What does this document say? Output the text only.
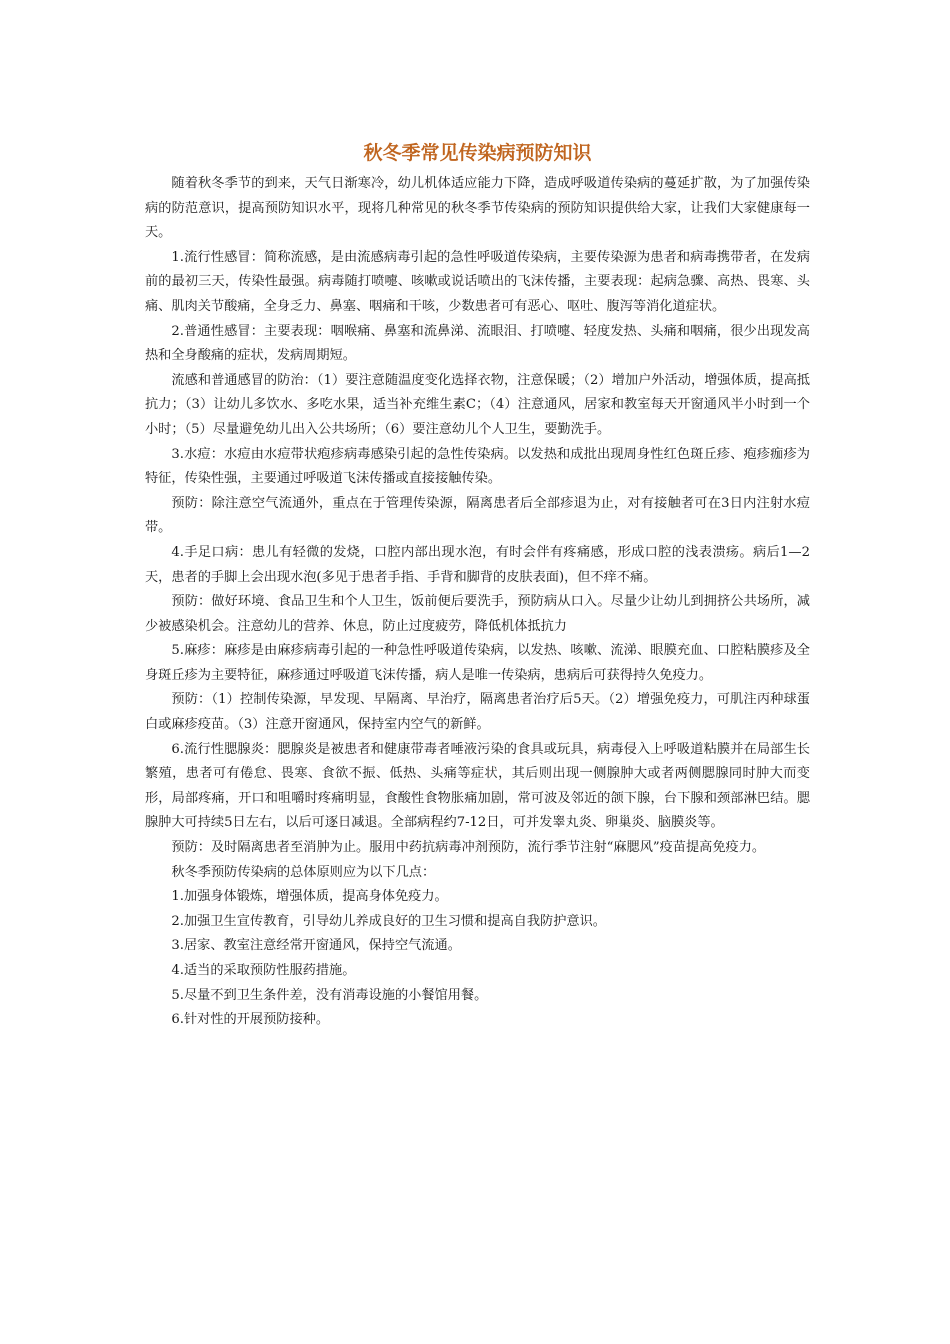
秋冬季常见传染病预防知识

随着秋冬季节的到来，天气日渐寒冷，幼儿机体适应能力下降，造成呼吸道传染病的蔓延扩散，为了加强传染病的防范意识，提高预防知识水平，现将几种常见的秋冬季节传染病的预防知识提供给大家，让我们大家健康每一天。

1.流行性感冒：简称流感，是由流感病毒引起的急性呼吸道传染病，主要传染源为患者和病毒携带者，在发病前的最初三天，传染性最强。病毒随打喷嚏、咳嗽或说话喷出的飞沫传播，主要表现：起病急骤、高热、畏寒、头痛、肌肉关节酸痛，全身乏力、鼻塞、咽痛和干咳，少数患者可有恶心、呕吐、腹泻等消化道症状。

2.普通性感冒：主要表现：咽喉痛、鼻塞和流鼻涕、流眼泪、打喷嚏、轻度发热、头痛和咽痛，很少出现发高热和全身酸痛的症状，发病周期短。

流感和普通感冒的防治：（1）要注意随温度变化选择衣物，注意保暖；（2）增加户外活动，增强体质，提高抵抗力；（3）让幼儿多饮水、多吃水果，适当补充维生素C；（4）注意通风，居家和教室每天开窗通风半小时到一个小时；（5）尽量避免幼儿出入公共场所；（6）要注意幼儿个人卫生，要勤洗手。

3.水痘：水痘由水痘带状疱疹病毒感染引起的急性传染病。以发热和成批出现周身性红色斑丘疹、疱疹痂疹为特征，传染性强，主要通过呼吸道飞沫传播或直接接触传染。

预防：除注意空气流通外，重点在于管理传染源，隔离患者后全部疹退为止，对有接触者可在3日内注射水痘带。

4.手足口病：患儿有轻微的发烧，口腔内部出现水泡，有时会伴有疼痛感，形成口腔的浅表溃疡。病后1—2天，患者的手脚上会出现水泡(多见于患者手指、手背和脚背的皮肤表面)，但不痒不痛。

预防：做好环境、食品卫生和个人卫生，饭前便后要洗手，预防病从口入。尽量少让幼儿到拥挤公共场所，减少被感染机会。注意幼儿的营养、休息，防止过度疲劳，降低机体抵抗力

5.麻疹：麻疹是由麻疹病毒引起的一种急性呼吸道传染病，以发热、咳嗽、流涕、眼膜充血、口腔粘膜疹及全身斑丘疹为主要特征，麻疹通过呼吸道飞沫传播，病人是唯一传染病，患病后可获得持久免疫力。

预防：（1）控制传染源，早发现、早隔离、早治疗，隔离患者治疗后5天。（2）增强免疫力，可肌注丙种球蛋白或麻疹疫苗。（3）注意开窗通风，保持室内空气的新鲜。

6.流行性腮腺炎：腮腺炎是被患者和健康带毒者唾液污染的食具或玩具，病毒侵入上呼吸道粘膜并在局部生长繁殖，患者可有倦怠、畏寒、食欲不振、低热、头痛等症状，其后则出现一侧腺肿大或者两侧腮腺同时肿大而变形，局部疼痛，开口和咀嚼时疼痛明显，食酸性食物胀痛加剧，常可波及邻近的颌下腺，台下腺和颈部淋巴结。腮腺肿大可持续5日左右，以后可逐日减退。全部病程约7-12日，可并发睾丸炎、卵巢炎、脑膜炎等。

预防：及时隔离患者至消肿为止。服用中药抗病毒冲剂预防，流行季节注射“麻腮风”疫苗提高免疫力。

秋冬季预防传染病的总体原则应为以下几点：

1.加强身体锻炼，增强体质，提高身体免疫力。

2.加强卫生宣传教育，引导幼儿养成良好的卫生习惯和提高自我防护意识。

3.居家、教室注意经常开窗通风，保持空气流通。

4.适当的采取预防性服药措施。

5.尽量不到卫生条件差，没有消毒设施的小餐馆用餐。

6.针对性的开展预防接种。
